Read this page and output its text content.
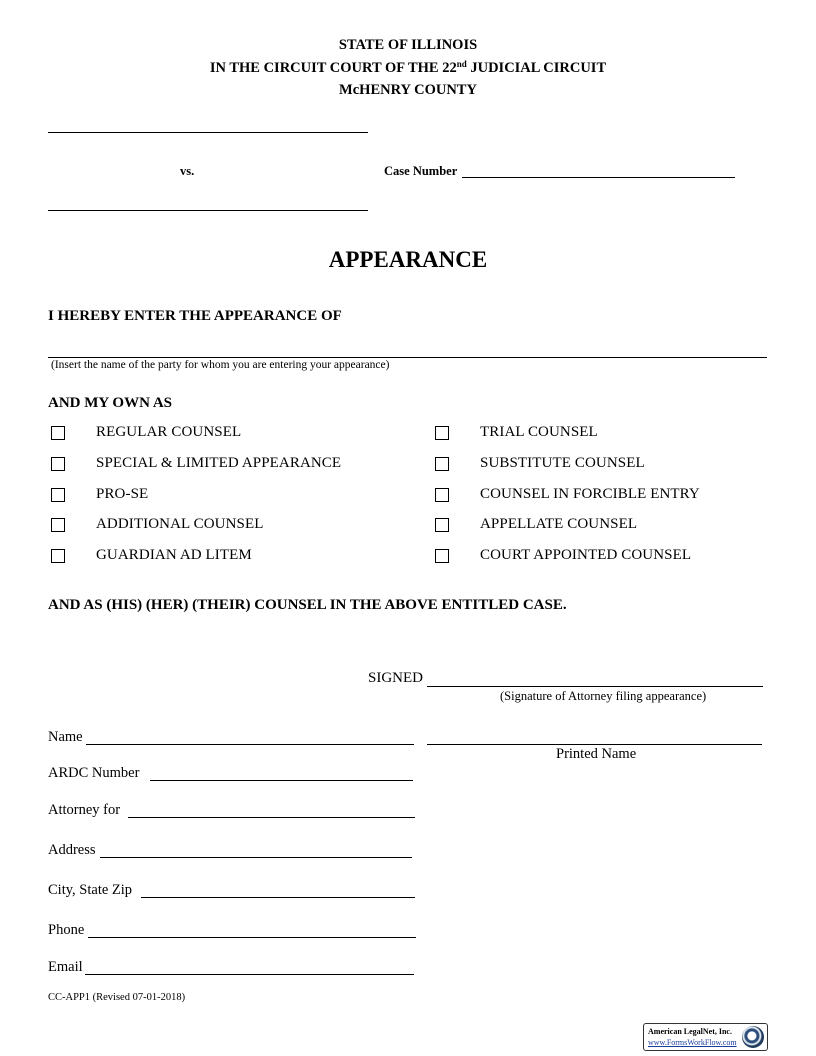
STATE OF ILLINOIS
IN THE CIRCUIT COURT OF THE 22nd JUDICIAL CIRCUIT
McHENRY COUNTY
vs.	Case Number
APPEARANCE
I HEREBY ENTER THE APPEARANCE OF
(Insert the name of the party for whom you are entering your appearance)
AND MY OWN AS
REGULAR COUNSEL
SPECIAL & LIMITED APPEARANCE
PRO-SE
ADDITIONAL COUNSEL
GUARDIAN AD LITEM
TRIAL COUNSEL
SUBSTITUTE COUNSEL
COUNSEL IN FORCIBLE ENTRY
APPELLATE COUNSEL
COURT APPOINTED COUNSEL
AND AS (HIS) (HER) (THEIR) COUNSEL IN THE ABOVE ENTITLED CASE.
SIGNED
(Signature of Attorney filing appearance)
Name
Printed Name
ARDC Number
Attorney for
Address
City, State Zip
Phone
Email
CC-APP1 (Revised 07-01-2018)
American LegalNet, Inc.
www.FormsWorkFlow.com
